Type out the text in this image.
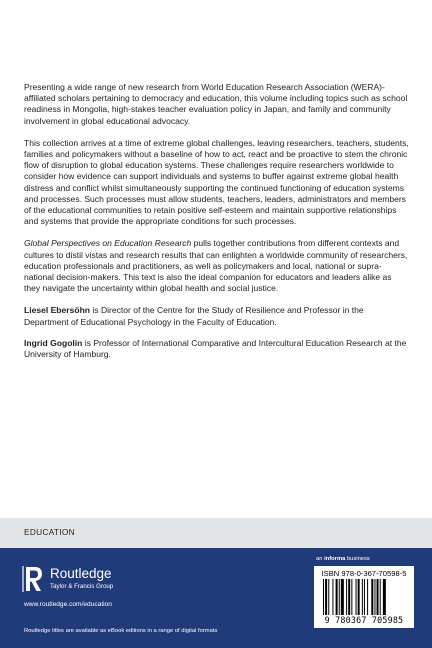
Presenting a wide range of new research from World Education Research Association (WERA)-affiliated scholars pertaining to democracy and education, this volume including topics such as school readiness in Mongolia, high-stakes teacher evaluation policy in Japan, and family and community involvement in global educational advocacy.

This collection arrives at a time of extreme global challenges, leaving researchers, teachers, students, families and policymakers without a baseline of how to act, react and be proactive to stem the chronic flow of disruption to global education systems. These challenges require researchers worldwide to consider how evidence can support individuals and systems to buffer against extreme global health distress and conflict whilst simultaneously supporting the continued functioning of education systems and processes. Such processes must allow students, teachers, leaders, administrators and members of the educational communities to retain positive self-esteem and maintain supportive relationships and systems that provide the appropriate conditions for such processes.

Global Perspectives on Education Research pulls together contributions from different contexts and cultures to distil vistas and research results that can enlighten a worldwide community of researchers, education professionals and practitioners, as well as policymakers and local, national or supra-national decision-makers. This text is also the ideal companion for educators and leaders alike as they navigate the uncertainty within global health and social justice.

Liesel Ebersöhn is Director of the Centre for the Study of Resilience and Professor in the Department of Educational Psychology in the Faculty of Education.

Ingrid Gogolin is Professor of International Comparative and Intercultural Education Research at the University of Hamburg.

EDUCATION
Routledge
Taylor & Francis Group
www.routledge.com/education
Routledge titles are available as eBook editions in a range of digital formats
an informa business
ISBN 978-0-367-70598-5
9 780367 705985
